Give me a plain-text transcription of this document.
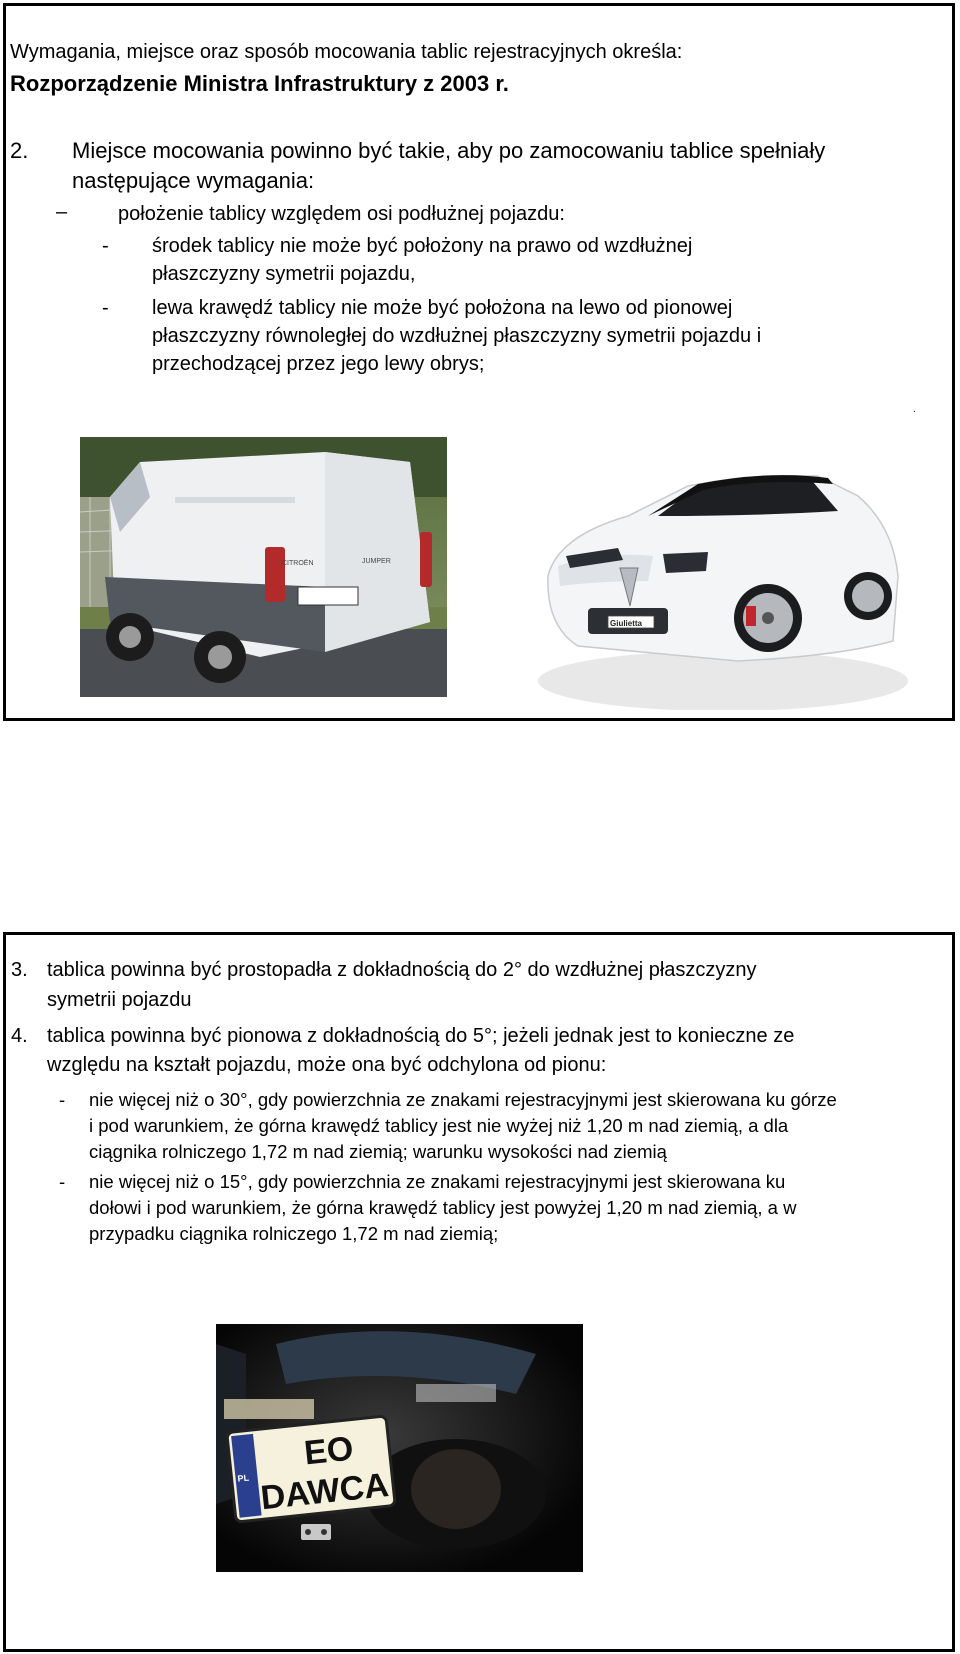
Wymagania, miejsce oraz sposób mocowania tablic rejestracyjnych określa:
Rozporządzenie Ministra Infrastruktury z 2003 r.
2. Miejsce mocowania powinno być takie, aby po zamocowaniu tablice spełniały
następujące wymagania:
–	położenie tablicy względem osi podłużnej pojazdu:
- środek tablicy nie może być położony na prawo od wzdłużnej
płaszczyzny symetrii pojazdu,
- lewa krawędź tablicy nie może być położona na lewo od pionowej
płaszczyzny równoległej do wzdłużnej płaszczyzny symetrii pojazdu i
przechodzącej przez jego lewy obrys;
.
CITROËN	JUMPER
Giulietta
3. tablica powinna być prostopadła z dokładnością do 2° do wzdłużnej płaszczyzny
symetrii pojazdu
4. tablica powinna być pionowa z dokładnością do 5°; jeżeli jednak jest to konieczne ze
względu na kształt pojazdu, może ona być odchylona od pionu:
- nie więcej niż o 30°, gdy powierzchnia ze znakami rejestracyjnymi jest skierowana ku górze
i pod warunkiem, że górna krawędź tablicy jest nie wyżej niż 1,20 m nad ziemią, a dla
ciągnika rolniczego 1,72 m nad ziemią; warunku wysokości nad ziemią
- nie więcej niż o 15°, gdy powierzchnia ze znakami rejestracyjnymi jest skierowana ku
dołowi i pod warunkiem, że górna krawędź tablicy jest powyżej 1,20 m nad ziemią, a w
przypadku ciągnika rolniczego 1,72 m nad ziemią;
PL
EO
DAWCA
